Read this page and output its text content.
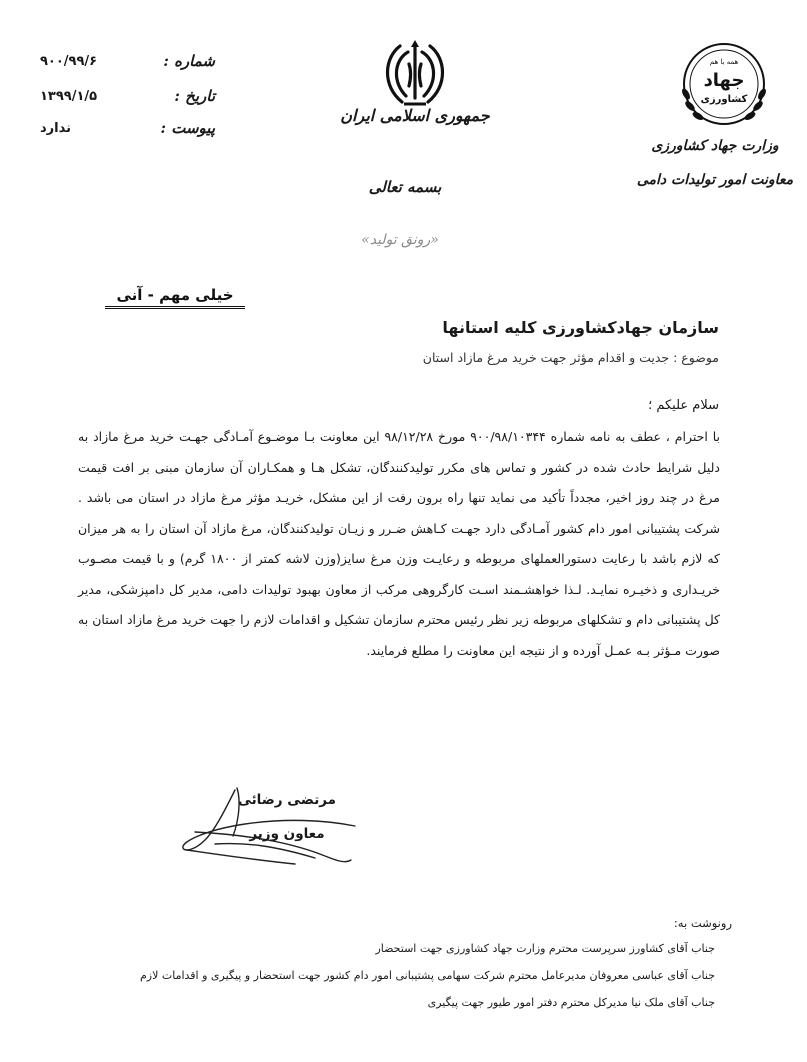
شماره :
۹۰۰/۹۹/۶
تاریخ :
۱۳۹۹/۱/۵
پیوست :
ندارد
جمهوری اسلامی ایران
بسمه تعالی
«رونق تولید»
همه با هم
جهاد
کشاورزی
وزارت جهاد کشاورزی
معاونت امور تولیدات دامی
خیلی مهم - آنی
سازمان جهادکشاورزی کلیه استانها
موضوع : جدیت و اقدام مؤثر جهت خرید مرغ مازاد استان
سلام علیکم ؛
با احترام ، عطف به نامه شماره ۹۰۰/۹۸/۱۰۳۴۴ مورخ ۹۸/۱۲/۲۸ این معاونت بـا موضـوع آمـادگی جهـت خرید مرغ مازاد به دلیل شرایط حادث شده در کشور و تماس های مکرر تولیدکنندگان، تشکل هـا و همکـاران آن سازمان مبنی بر افت قیمت مرغ در چند روز اخیر، مجدداً تأکید می نماید تنها راه برون رفت از این مشکل، خریـد مؤثر مرغ مازاد در استان می باشد . شرکت پشتیبانی امور دام کشور آمـادگی دارد جهـت کـاهش ضـرر و زیـان تولیدکنندگان، مرغ مازاد آن استان را به هر میزان که لازم باشد با رعایت دستورالعملهای مربوطه و رعایـت وزن مرغ سایز(وزن لاشه کمتر از ۱۸۰۰ گرم) و با قیمت مصـوب خریـداری و ذخیـره نمایـد. لـذا خواهشـمند اسـت کارگروهی مرکب از معاون بهبود تولیدات دامی، مدیر کل دامپزشکی، مدیر کل پشتیبانی دام و تشکلهای مربوطه زیر نظر رئیس محترم سازمان تشکیل و اقدامات لازم را جهت خرید مرغ مازاد استان به صورت مـؤثر بـه عمـل آورده و از نتیجه این معاونت را مطلع فرمایند.
مرتضی رضائی
معاون وزیر
رونوشت به:
جناب آقای کشاورز سرپرست محترم وزارت جهاد کشاورزی جهت استحضار
جناب آقای عباسی معروفان مدیرعامل محترم شرکت سهامی پشتیبانی امور دام کشور جهت استحضار و پیگیری و اقدامات لازم
جناب آقای ملک نیا مدیرکل محترم دفتر امور طیور جهت پیگیری
